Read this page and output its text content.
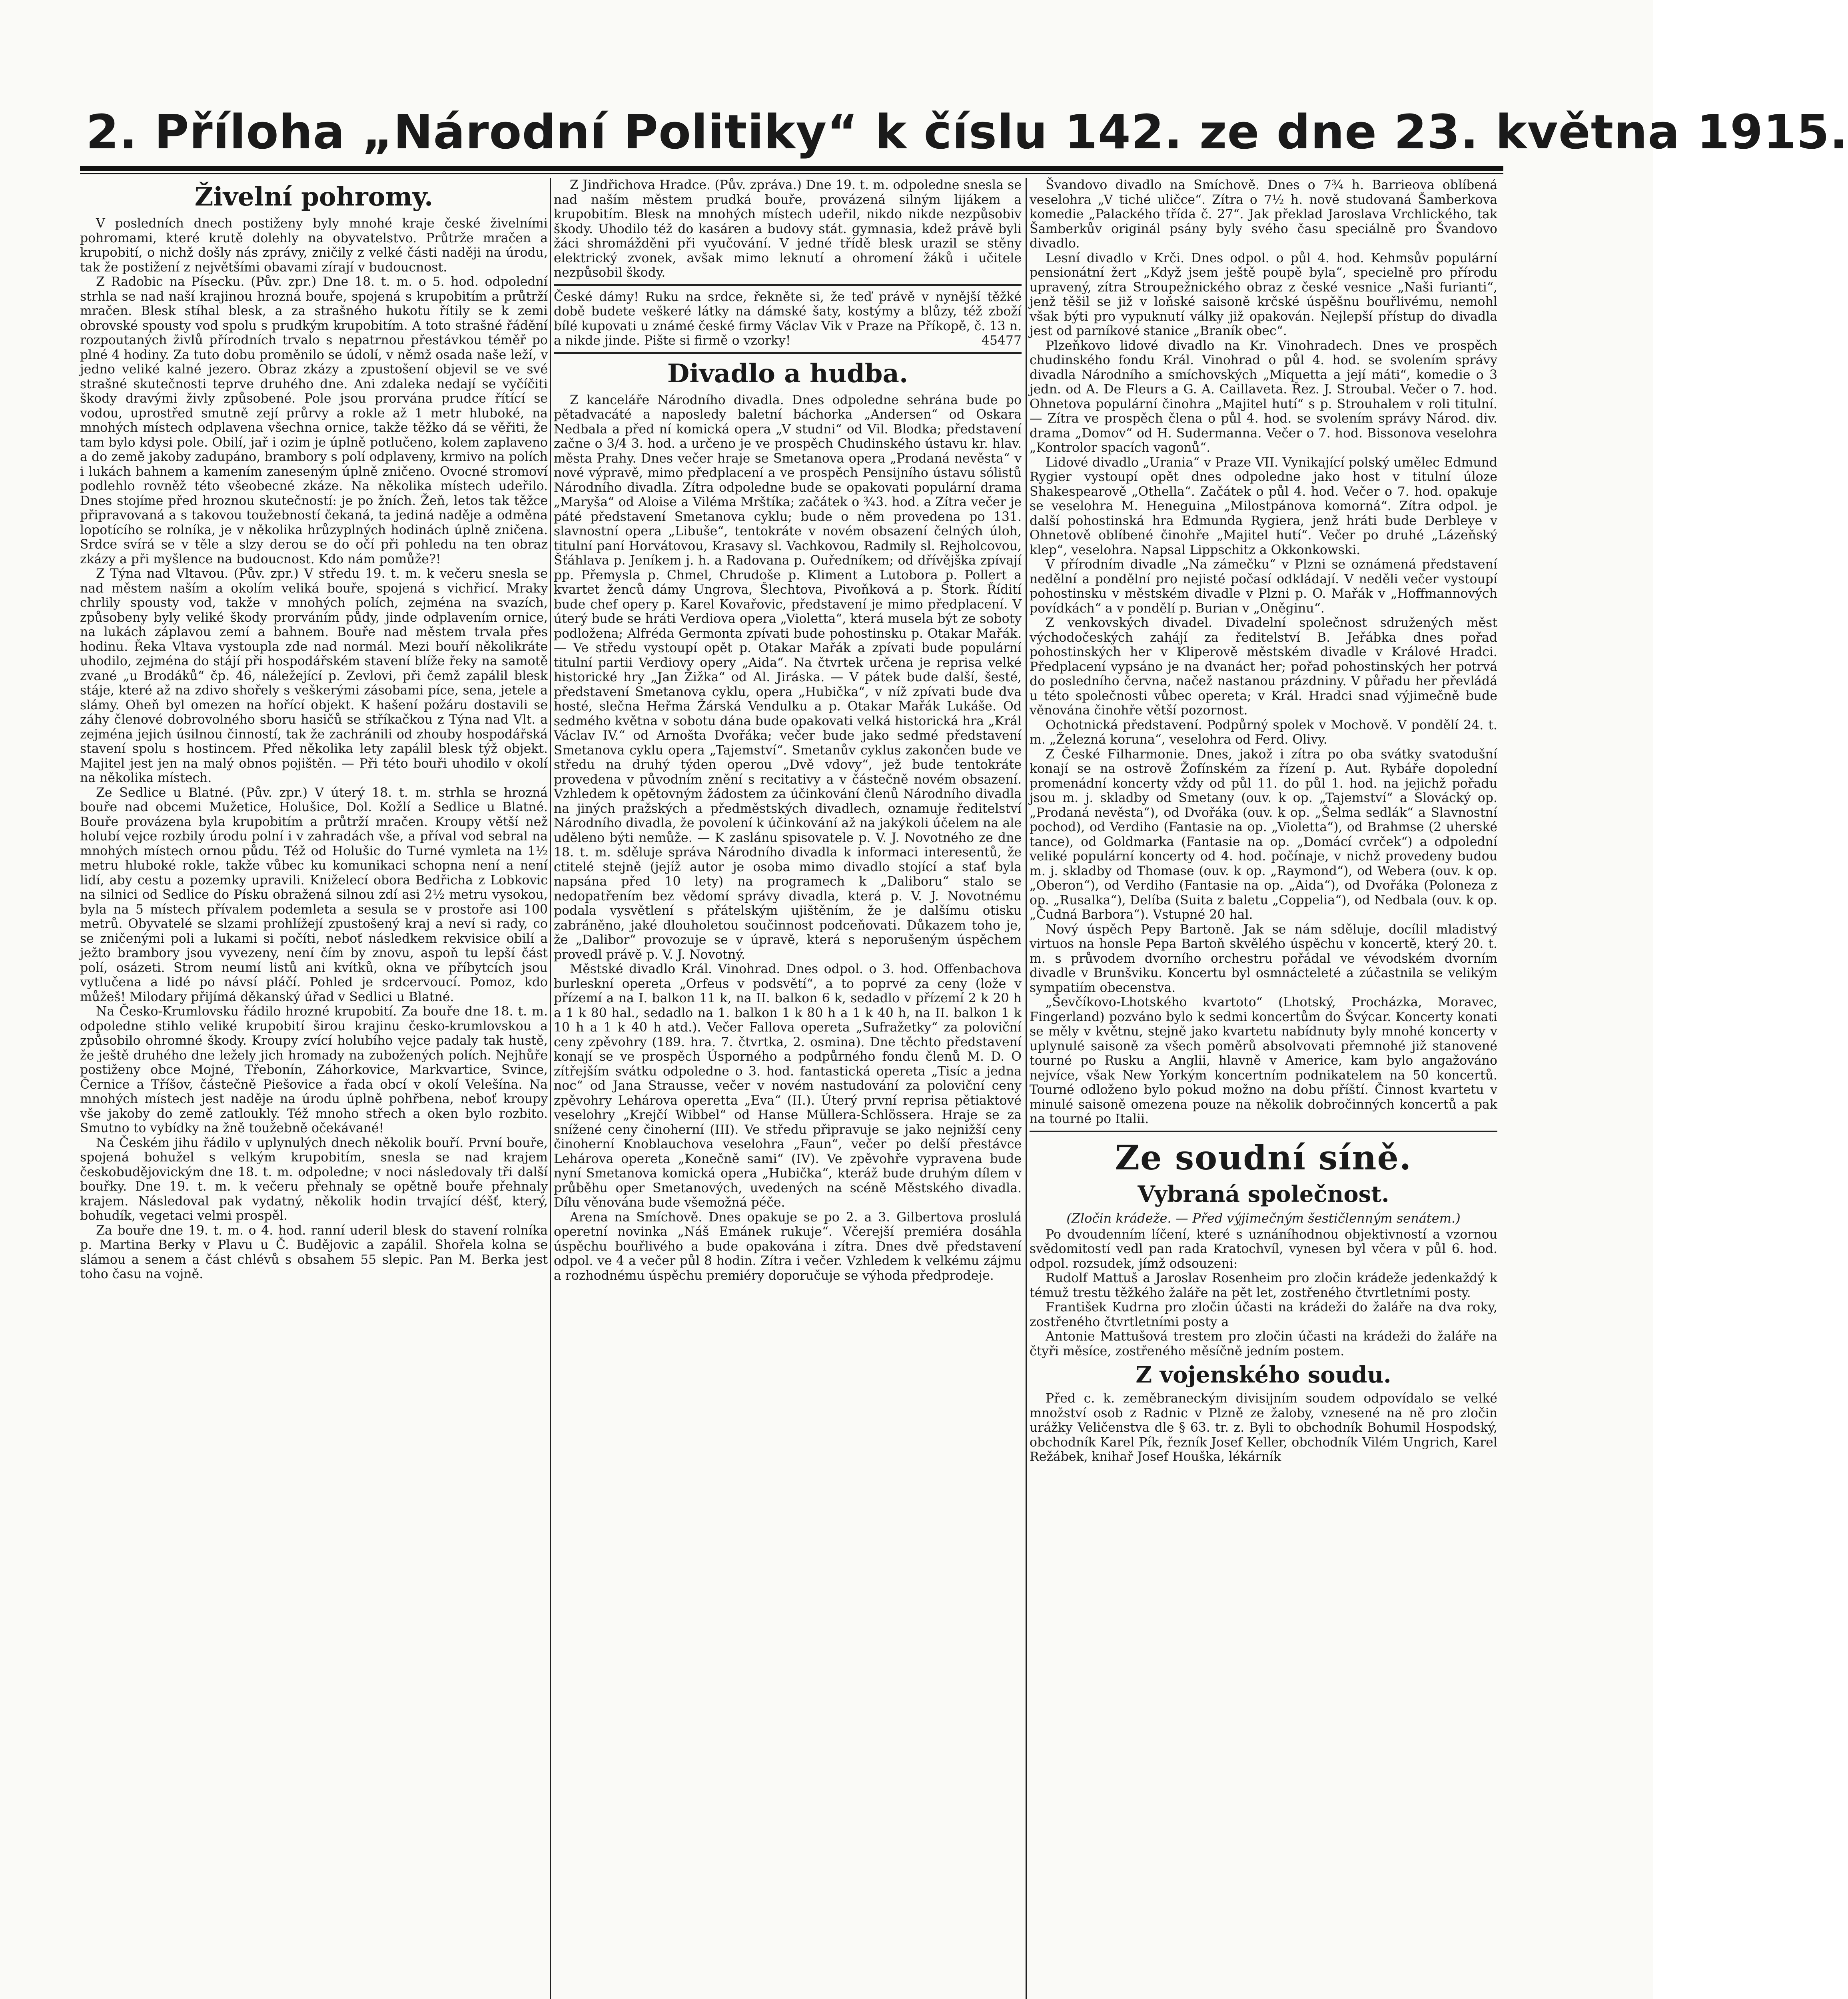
2. Příloha „Národní Politiky“ k číslu 142. ze dne 23. května 1915.
Živelní pohromy.

V posledních dnech postiženy byly mnohé kraje české živelními pohromami, které krutě dolehly na obyvatelstvo. Průtrže mračen a krupobití, o nichž došly nás zprávy, zničily z velké části naději na úrodu, tak že postižení z největšími obavami zírají v budoucnost.

Z Radobic na Písecku. (Pův. zpr.) Dne 18. t. m. o 5. hod. odpolední strhla se nad naší krajinou hrozná bouře, spojená s krupobitím a průtrží mračen. Blesk stíhal blesk, a za strašného hukotu řítily se k zemi obrovské spousty vod spolu s prudkým krupobitím. A toto strašné řádění rozpoutaných živlů přírodních trvalo s nepatrnou přestávkou téměř po plné 4 hodiny. Za tuto dobu proměnilo se údolí, v němž osada naše leží, v jedno veliké kalné jezero. Obraz zkázy a zpustošení objevil se ve své strašné skutečnosti teprve druhého dne. Ani zdaleka nedají se vyčíčiti škody dravými živly způsobené. Pole jsou prorvána prudce řítící se vodou, uprostřed smutně zejí průrvy a rokle až 1 metr hluboké, na mnohých místech odplavena všechna ornice, takže těžko dá se věřiti, že tam bylo kdysi pole. Obilí, jař i ozim je úplně potlučeno, kolem zaplaveno a do země jakoby zadupáno, brambory s polí odplaveny, krmivo na polích i lukách bahnem a kamením zaneseným úplně zničeno. Ovocné stromoví podlehlo rovněž této všeobecné zkáze. Na několika místech udeřilo. Dnes stojíme před hroznou skutečností: je po žních. Žeň, letos tak těžce připravovaná a s takovou toužebností čekaná, ta jediná naděje a odměna lopotícího se rolníka, je v několika hrůzyplných hodinách úplně zničena. Srdce svírá se v těle a slzy derou se do očí při pohledu na ten obraz zkázy a při myšlence na budoucnost. Kdo nám pomůže?!

Z Týna nad Vltavou. (Pův. zpr.) V středu 19. t. m. k večeru snesla se nad městem naším a okolím veliká bouře, spojená s vichřicí. Mraky chrlily spousty vod, takže v mnohých polích, zejména na svazích, způsobeny byly veliké škody prorváním půdy, jinde odplavením ornice, na lukách záplavou zemí a bahnem. Bouře nad městem trvala přes hodinu. Řeka Vltava vystoupla zde nad normál. Mezi bouří několikráte uhodilo, zejména do stájí při hospodářském stavení blíže řeky na samotě zvané „u Brodáků“ čp. 46, náležející p. Zevlovi, při čemž zapálil blesk stáje, které až na zdivo shořely s veškerými zásobami píce, sena, jetele a slámy. Oheň byl omezen na hořící objekt. K hašení požáru dostavili se záhy členové dobrovolného sboru hasičů se stříkačkou z Týna nad Vlt. a zejména jejich úsilnou činností, tak že zachránili od zhouby hospodářská stavení spolu s hostincem. Před několika lety zapálil blesk týž objekt. Majitel jest jen na malý obnos pojištěn. — Při této bouři uhodilo v okolí na několika místech.

Ze Sedlice u Blatné. (Pův. zpr.) V úterý 18. t. m. strhla se hrozná bouře nad obcemi Mužetice, Holušice, Dol. Kožlí a Sedlice u Blatné. Bouře provázena byla krupobitím a průtrží mračen. Kroupy větší než holubí vejce rozbily úrodu polní i v zahradách vše, a příval vod sebral na mnohých místech ornou půdu. Též od Holušic do Turné vymleta na 1½ metru hluboké rokle, takže vůbec ku komunikaci schopna není a není lidí, aby cestu a pozemky upravili. Kniželecí obora Bedřicha z Lobkovic na silnici od Sedlice do Písku obražená silnou zdí asi 2½ metru vysokou, byla na 5 místech přívalem podemleta a sesula se v prostoře asi 100 metrů. Obyvatelé se slzami prohlížejí zpustošený kraj a neví si rady, co se zničenými poli a lukami si počíti, neboť následkem rekvisice obilí a ježto brambory jsou vyvezeny, není čím by znovu, aspoň tu lepší část polí, osázeti. Strom neumí listů ani kvítků, okna ve příbytcích jsou vytlučena a lidé po návsí pláčí. Pohled je srdcervoucí. Pomoz, kdo můžeš! Milodary přijímá děkanský úřad v Sedlici u Blatné.

Na Česko-Krumlovsku řádilo hrozné krupobití. Za bouře dne 18. t. m. odpoledne stihlo veliké krupobití širou krajinu česko-krumlovskou a způsobilo ohromné škody. Kroupy zvící holubího vejce padaly tak hustě, že ještě druhého dne ležely jich hromady na zubožených polích. Nejhůře postiženy obce Mojné, Třebonín, Záhorkovice, Markvartice, Svince, Černice a Tříšov, částečně Piešovice a řada obcí v okolí Velešína. Na mnohých místech jest naděje na úrodu úplně pohřbena, neboť kroupy vše jakoby do země zatloukly. Též mnoho střech a oken bylo rozbito. Smutno to vybídky na žně toužebně očekávané!

Na Českém jihu řádilo v uplynulých dnech několik bouří. První bouře, spojená bohužel s velkým krupobitím, snesla se nad krajem českobudějovickým dne 18. t. m. odpoledne; v noci následovaly tři další bouřky. Dne 19. t. m. k večeru přehnaly se opětně bouře přehnaly krajem. Následoval pak vydatný, několik hodin trvající déšť, který, bohudík, vegetaci velmi prospěl.

Za bouře dne 19. t. m. o 4. hod. ranní uderil blesk do stavení rolníka p. Martina Berky v Plavu u Č. Budějovic a zapálil. Shořela kolna se slámou a senem a část chlévů s obsahem 55 slepic. Pan M. Berka jest toho času na vojně.

Z Jindřichova Hradce. (Pův. zpráva.) Dne 19. t. m. odpoledne snesla se nad naším městem prudká bouře, provázená silným lijákem a krupobitím. Blesk na mnohých místech udeřil, nikdo nikde nezpůsobiv škody. Uhodilo též do kasáren a budovy stát. gymnasia, kdež právě byli žáci shromážděni při vyučování. V jedné třídě blesk urazil se stěny elektrický zvonek, avšak mimo leknutí a ohromení žáků i učitele nezpůsobil škody.

České dámy! Ruku na srdce, řekněte si, že teď právě v nynější těžké době budete veškeré látky na dámské šaty, kostýmy a blůzy, též zboží bílé kupovati u známé české firmy Václav Vik v Praze na Příkopě, č. 13 n. a nikde jinde. Pište si firmě o vzorky!	45477

Divadlo a hudba.

Z kanceláře Národního divadla. Dnes odpoledne sehrána bude po pětadvacáté a naposledy baletní báchorka „Andersen“ od Oskara Nedbala a před ní komická opera „V studni“ od Vil. Blodka; představení začne o 3/4 3. hod. a určeno je ve prospěch Chudinského ústavu kr. hlav. města Prahy. Dnes večer hraje se Smetanova opera „Prodaná nevěsta“ v nové výpravě, mimo předplacení a ve prospěch Pensijního ústavu sólistů Národního divadla. Zítra odpoledne bude se opakovati populární drama „Maryša“ od Aloise a Viléma Mrštíka; začátek o ¾3. hod. a Zítra večer je páté představení Smetanova cyklu; bude o něm provedena po 131. slavnostní opera „Libuše“, tentokráte v novém obsazení čelných úloh, titulní paní Horvátovou, Krasavy sl. Vachkovou, Radmily sl. Rejholcovou, Šťáhlava p. Jeníkem j. h. a Radovana p. Ouředníkem; od dřívějška zpívají pp. Přemysla p. Chmel, Chrudoše p. Kliment a Lutobora p. Pollert a kvartet ženců dámy Ungrova, Šlechtova, Pivoňková a p. Štork. Řídití bude chef opery p. Karel Kovařovic, představení je mimo předplacení. V úterý bude se hráti Verdiova opera „Violetta“, která musela být ze soboty podložena; Alfréda Germonta zpívati bude pohostinsku p. Otakar Mařák. — Ve středu vystoupí opět p. Otakar Mařák a zpívati bude populární titulní partii Verdiovy opery „Aida“. Na čtvrtek určena je reprisa velké historické hry „Jan Žižka“ od Al. Jiráska. — V pátek bude další, šesté, představení Smetanova cyklu, opera „Hubička“, v níž zpívati bude dva hosté, slečna Heřma Žárská Vendulku a p. Otakar Mařák Lukáše. Od sedmého května v sobotu dána bude opakovati velká historická hra „Král Václav IV.“ od Arnošta Dvořáka; večer bude jako sedmé představení Smetanova cyklu opera „Tajemství“. Smetanův cyklus zakončen bude ve středu na druhý týden operou „Dvě vdovy“, jež bude tentokráte provedena v původním znění s recitativy a v částečně novém obsazení. Vzhledem k opětovným žádostem za účinkování členů Národního divadla na jiných pražských a předměstských divadlech, oznamuje ředitelství Národního divadla, že povolení k účinkování až na jakýkoli účelem na ale uděleno býti nemůže. — K zaslánu spisovatele p. V. J. Novotného ze dne 18. t. m. sděluje správa Národního divadla k informaci interesentů, že ctitelé stejně (jejíž autor je osoba mimo divadlo stojící a stať byla napsána před 10 lety) na programech k „Daliboru“ stalo se nedopatřením bez vědomí správy divadla, která p. V. J. Novotnému podala vysvětlení s přátelským ujištěním, že je dalšímu otisku zabráněno, jaké dlouholetou součinnost podceňovati. Důkazem toho je, že „Dalibor“ provozuje se v úpravě, která s neporušeným úspěchem provedl právě p. V. J. Novotný.

Městské divadlo Král. Vinohrad. Dnes odpol. o 3. hod. Offenbachova burleskní opereta „Orfeus v podsvětí“, a to poprvé za ceny (lože v přízemí a na I. balkon 11 k, na II. balkon 6 k, sedadlo v přízemí 2 k 20 h a 1 k 80 hal., sedadlo na 1. balkon 1 k 80 h a 1 k 40 h, na II. balkon 1 k 10 h a 1 k 40 h atd.). Večer Fallova opereta „Sufražetky“ za poloviční ceny zpěvohry (189. hra. 7. čtvrtka, 2. osmina). Dne těchto představení konají se ve prospěch Úsporného a podpůrného fondu členů M. D. O zítřejším svátku odpoledne o 3. hod. fantastická opereta „Tisíc a jedna noc“ od Jana Strausse, večer v novém nastudování za poloviční ceny zpěvohry Lehárova operetta „Eva“ (II.). Úterý první reprisa pětiaktové veselohry „Krejčí Wibbel“ od Hanse Müllera-Schlössera. Hraje se za snížené ceny činoherní (III). Ve středu připravuje se jako nejnižší ceny činoherní Knoblauchova veselohra „Faun“, večer po delší přestávce Lehárova opereta „Konečně sami“ (IV). Ve zpěvohře vypravena bude nyní Smetanova komická opera „Hubička“, kteráž bude druhým dílem v průběhu oper Smetanových, uvedených na scéně Městského divadla. Dílu věnována bude všemožná péče.

Arena na Smíchově. Dnes opakuje se po 2. a 3. Gilbertova proslulá operetní novinka „Náš Emánek rukuje“. Včerejší premiéra dosáhla úspěchu bouřlivého a bude opakována i zítra. Dnes dvě představení odpol. ve 4 a večer půl 8 hodin. Zítra i večer. Vzhledem k velkému zájmu a rozhodnému úspěchu premiéry doporučuje se výhoda předprodeje.

Švandovo divadlo na Smíchově. Dnes o 7¾ h. Barrieova oblíbená veselohra „V tiché uličce“. Zítra o 7½ h. nově studovaná Šamberkova komedie „Palackého třída č. 27“. Jak překlad Jaroslava Vrchlického, tak Šamberkův originál psány byly svého času speciálně pro Švandovo divadlo.

Lesní divadlo v Krči. Dnes odpol. o půl 4. hod. Kehmsův populární pensionátní žert „Když jsem ještě poupě byla“, specielně pro přírodu upravený, zítra Stroupežnického obraz z české vesnice „Naši furianti“, jenž těšil se již v loňské saisoně krčské úspěšnu bouřlivému, nemohl však býti pro vypuknutí války již opakován. Nejlepší přístup do divadla jest od parníkové stanice „Braník obec“.

Plzeňkovo lidové divadlo na Kr. Vinohradech. Dnes ve prospěch chudinského fondu Král. Vinohrad o půl 4. hod. se svolením správy divadla Národního a smíchovských „Miquetta a její máti“, komedie o 3 jedn. od A. De Fleurs a G. A. Caillaveta. Řez. J. Stroubal. Večer o 7. hod. Ohnetova populární činohra „Majitel hutí“ s p. Strouhalem v roli titulní. — Zítra ve prospěch člena o půl 4. hod. se svolením správy Národ. div. drama „Domov“ od H. Sudermanna. Večer o 7. hod. Bissonova veselohra „Kontrolor spacích vagonů“.

Lidové divadlo „Urania“ v Praze VII. Vynikající polský umělec Edmund Rygier vystoupí opět dnes odpoledne jako host v titulní úloze Shakespearově „Othella“. Začátek o půl 4. hod. Večer o 7. hod. opakuje se veselohra M. Heneguina „Milostpánova komorná“. Zítra odpol. je další pohostinská hra Edmunda Rygiera, jenž hráti bude Derbleye v Ohnetově oblíbené činohře „Majitel hutí“. Večer po druhé „Lázeňský klep“, veselohra. Napsal Lippschitz a Okkonkowski.

V přírodním divadle „Na zámečku“ v Plzni se oznámená představení nedělní a pondělní pro nejisté počasí odkládají. V neděli večer vystoupí pohostinsku v městském divadle v Plzni p. O. Mařák v „Hoffmannových povídkách“ a v pondělí p. Burian v „Oněginu“.

Z venkovských divadel. Divadelní společnost sdružených měst východočeských zahájí za ředitelství B. Jeřábka dnes pořad pohostinských her v Kliperově městském divadle v Králové Hradci. Předplacení vypsáno je na dvanáct her; pořad pohostinských her potrvá do posledního června, načež nastanou prázdniny. V půřadu her převládá u této společnosti vůbec opereta; v Král. Hradci snad výjimečně bude věnována činohře větší pozornost.

Ochotnická představení. Podpůrný spolek v Mochově. V pondělí 24. t. m. „Železná koruna“, veselohra od Ferd. Olivy.

Z České Filharmonie. Dnes, jakož i zítra po oba svátky svatodušní konají se na ostrově Žofínském za řízení p. Aut. Rybáře dopolední promenádní koncerty vždy od půl 11. do půl 1. hod. na jejichž pořadu jsou m. j. skladby od Smetany (ouv. k op. „Tajemství“ a Slovácký op. „Prodaná nevěsta“), od Dvořáka (ouv. k op. „Šelma sedlák“ a Slavnostní pochod), od Verdiho (Fantasie na op. „Violetta“), od Brahmse (2 uherské tance), od Goldmarka (Fantasie na op. „Domácí cvrček“) a odpolední veliké populární koncerty od 4. hod. počínaje, v nichž provedeny budou m. j. skladby od Thomase (ouv. k op. „Raymond“), od Webera (ouv. k op. „Oberon“), od Verdiho (Fantasie na op. „Aida“), od Dvořáka (Poloneza z op. „Rusalka“), Delíba (Suita z baletu „Coppelia“), od Nedbala (ouv. k op. „Čudná Barbora“). Vstupné 20 hal.

Nový úspěch Pepy Bartoně. Jak se nám sděluje, docílil mladistvý virtuos na honsle Pepa Bartoň skvělého úspěchu v koncertě, který 20. t. m. s průvodem dvorního orchestru pořádal ve vévodském dvorním divadle v Brunšviku. Koncertu byl osmnácteleté a zúčastnila se velikým sympatiím obecenstva.

„Ševčíkovo-Lhotského kvartoto“ (Lhotský, Procházka, Moravec, Fingerland) pozváno bylo k sedmi koncertům do Švýcar. Koncerty konati se měly v květnu, stejně jako kvartetu nabídnuty byly mnohé koncerty v uplynulé saisoně za všech poměrů absolvovati přemnohé již stanovené tourné po Rusku a Anglii, hlavně v Americe, kam bylo angažováno nejvíce, však New Yorkým koncertním podnikatelem na 50 koncertů. Tourné odloženo bylo pokud možno na dobu příští. Činnost kvartetu v minulé saisoně omezena pouze na několik dobročinných koncertů a pak na tourné po Italii.

Ze soudní síně.
Vybraná společnost.
(Zločin krádeže. — Před výjimečným šestičlenným senátem.)

Po dvoudenním líčení, které s uznáníhodnou objektivností a vzornou svědomitostí vedl pan rada Kratochvíl, vynesen byl včera v půl 6. hod. odpol. rozsudek, jímž odsouzeni:

Rudolf Mattuš a Jaroslav Rosenheim pro zločin krádeže jedenkaždý k témuž trestu těžkého žaláře na pět let, zostřeného čtvrtletními posty.

František Kudrna pro zločin účasti na krádeži do žaláře na dva roky, zostřeného čtvrtletními posty a

Antonie Mattušová trestem pro zločin účasti na krádeži do žaláře na čtyři měsíce, zostřeného měsíčně jedním postem.

Z vojenského soudu.

Před c. k. zeměbraneckým divisijním soudem odpovídalo se velké množství osob z Radnic v Plzně ze žaloby, vznesené na ně pro zločin urážky Veličenstva dle § 63. tr. z. Byli to obchodník Bohumil Hospodský, obchodník Karel Pík, řezník Josef Keller, obchodník Vilém Ungrich, Karel Režábek, knihař Josef Houška, lékárník
